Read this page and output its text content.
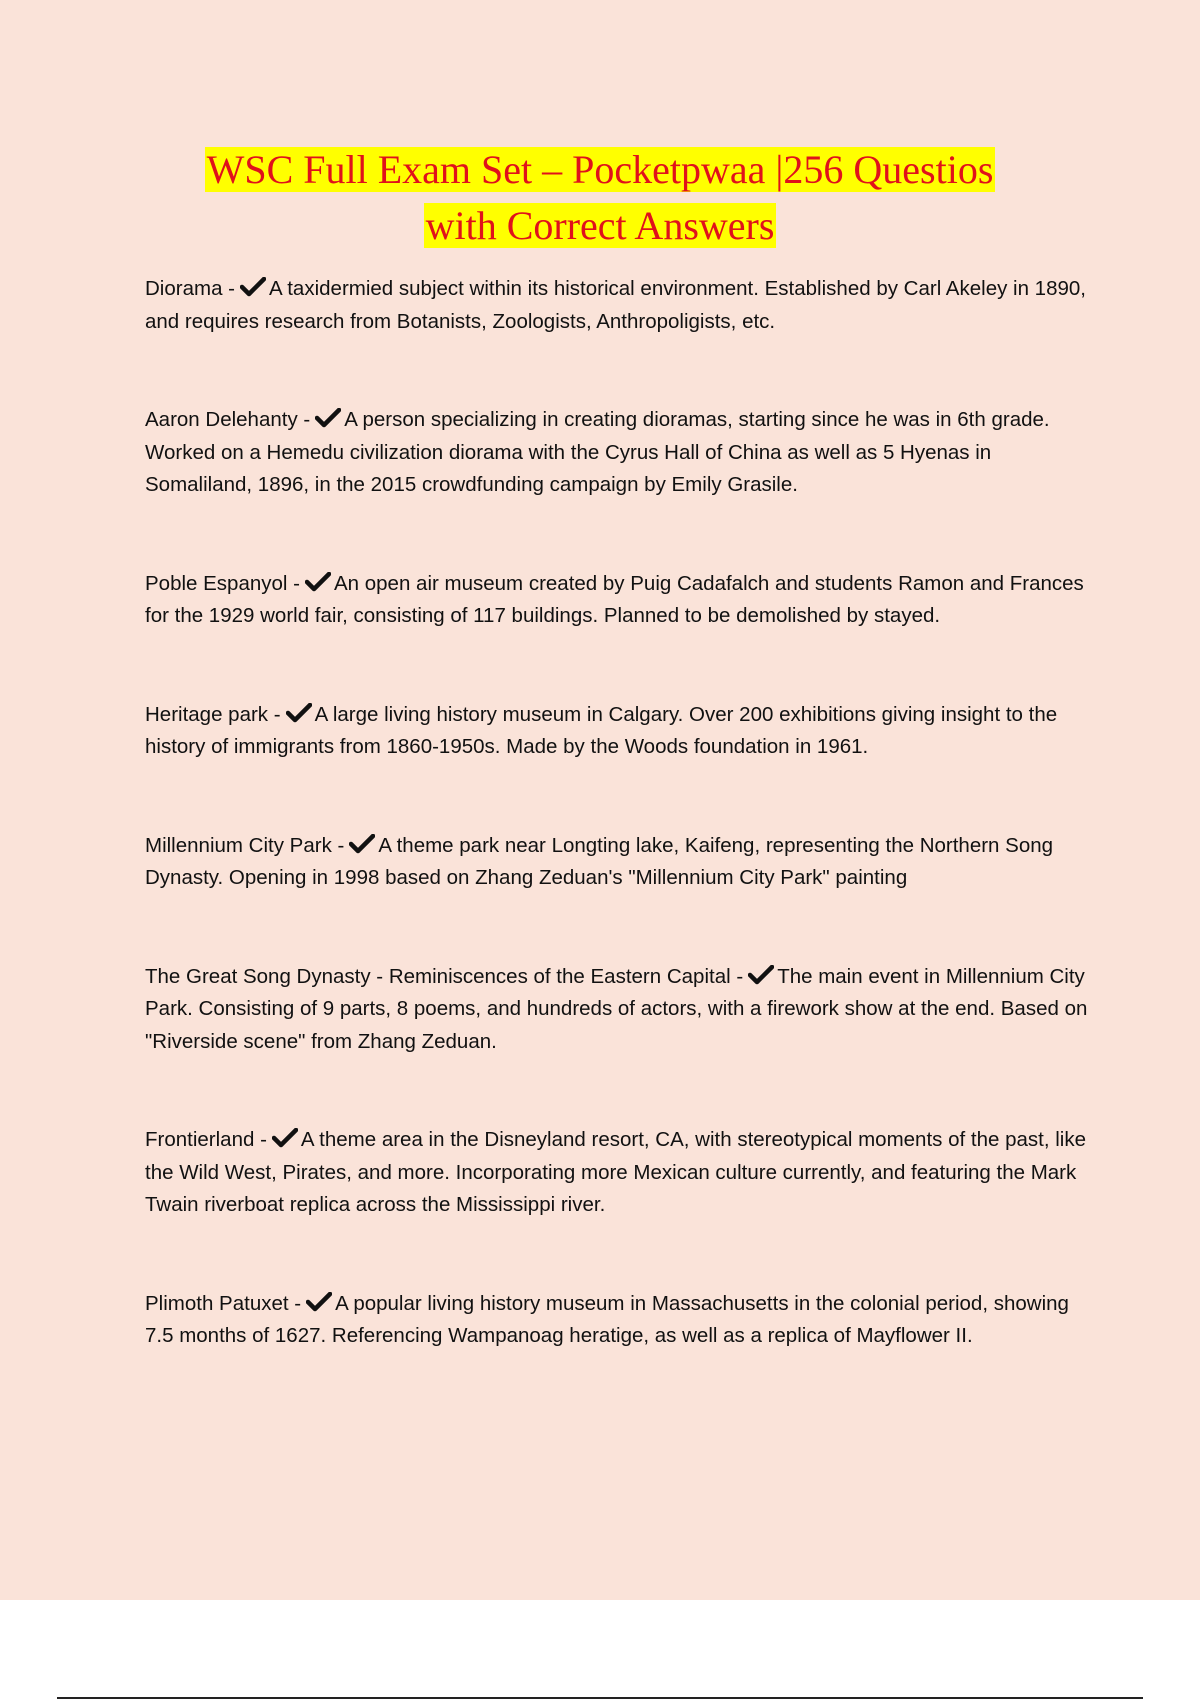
WSC Full Exam Set – Pocketpwaa |256 Questios
with Correct Answers
Diorama - A taxidermied subject within its historical environment. Established by Carl Akeley in 1890, and requires research from Botanists, Zoologists, Anthropoligists, etc.
Aaron Delehanty - A person specializing in creating dioramas, starting since he was in 6th grade. Worked on a Hemedu civilization diorama with the Cyrus Hall of China as well as 5 Hyenas in Somaliland, 1896, in the 2015 crowdfunding campaign by Emily Grasile.
Poble Espanyol - An open air museum created by Puig Cadafalch and students Ramon and Frances for the 1929 world fair, consisting of 117 buildings. Planned to be demolished by stayed.
Heritage park - A large living history museum in Calgary. Over 200 exhibitions giving insight to the history of immigrants from 1860-1950s. Made by the Woods foundation in 1961.
Millennium City Park - A theme park near Longting lake, Kaifeng, representing the Northern Song Dynasty. Opening in 1998 based on Zhang Zeduan's "Millennium City Park" painting
The Great Song Dynasty - Reminiscences of the Eastern Capital - The main event in Millennium City Park. Consisting of 9 parts, 8 poems, and hundreds of actors, with a firework show at the end. Based on "Riverside scene" from Zhang Zeduan.
Frontierland - A theme area in the Disneyland resort, CA, with stereotypical moments of the past, like the Wild West, Pirates, and more. Incorporating more Mexican culture currently, and featuring the Mark Twain riverboat replica across the Mississippi river.
Plimoth Patuxet - A popular living history museum in Massachusetts in the colonial period, showing 7.5 months of 1627. Referencing Wampanoag heratige, as well as a replica of Mayflower II.
